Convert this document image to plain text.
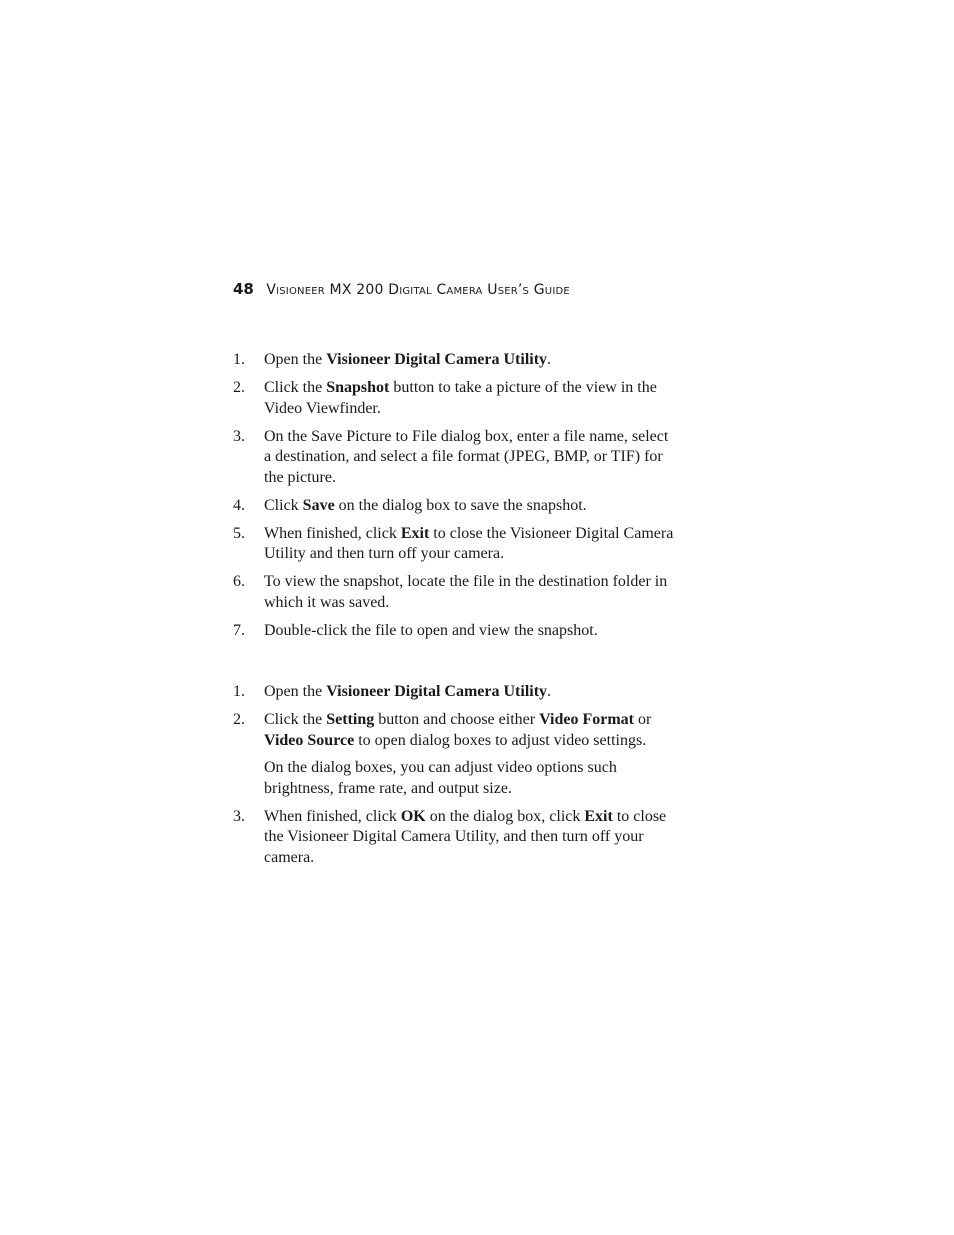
48 Visioneer MX 200 Digital Camera User’s Guide
1. Open the Visioneer Digital Camera Utility.
2. Click the Snapshot button to take a picture of the view in the Video Viewfinder.
3. On the Save Picture to File dialog box, enter a file name, select a destination, and select a file format (JPEG, BMP, or TIF) for the picture.
4. Click Save on the dialog box to save the snapshot.
5. When finished, click Exit to close the Visioneer Digital Camera Utility and then turn off your camera.
6. To view the snapshot, locate the file in the destination folder in which it was saved.
7. Double-click the file to open and view the snapshot.
1. Open the Visioneer Digital Camera Utility.
2. Click the Setting button and choose either Video Format or Video Source to open dialog boxes to adjust video settings.

On the dialog boxes, you can adjust video options such brightness, frame rate, and output size.

3. When finished, click OK on the dialog box, click Exit to close the Visioneer Digital Camera Utility, and then turn off your camera.
